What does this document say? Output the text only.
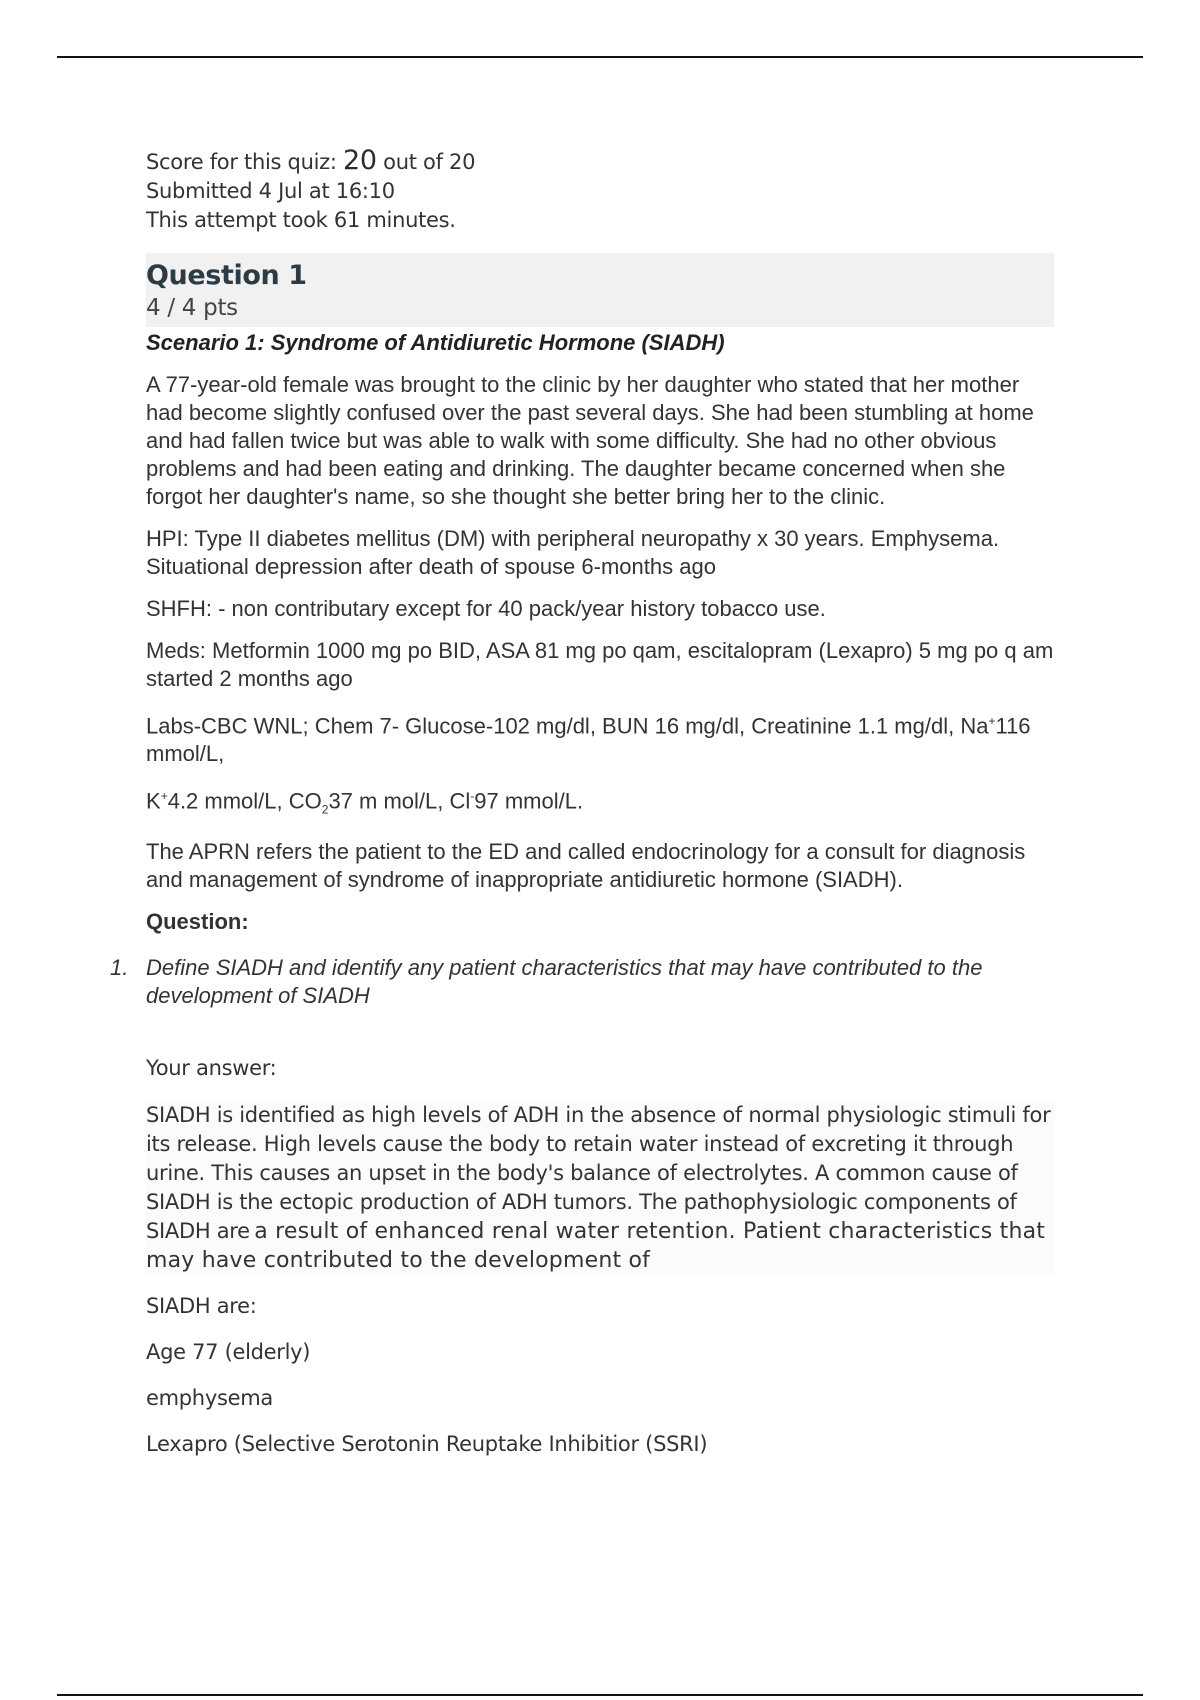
Score for this quiz: 20 out of 20
Submitted 4 Jul at 16:10
This attempt took 61 minutes.
Question 1
4 / 4 pts
Scenario 1: Syndrome of Antidiuretic Hormone (SIADH)

A 77-year-old female was brought to the clinic by her daughter who stated that her mother had become slightly confused over the past several days. She had been stumbling at home and had fallen twice but was able to walk with some difficulty. She had no other obvious problems and had been eating and drinking. The daughter became concerned when she forgot her daughter's name, so she thought she better bring her to the clinic.

HPI: Type II diabetes mellitus (DM) with peripheral neuropathy x 30 years. Emphysema. Situational depression after death of spouse 6-months ago

SHFH: - non contributary except for 40 pack/year history tobacco use.

Meds: Metformin 1000 mg po BID, ASA 81 mg po qam, escitalopram (Lexapro) 5 mg po q am started 2 months ago

Labs-CBC WNL; Chem 7- Glucose-102 mg/dl, BUN 16 mg/dl, Creatinine 1.1 mg/dl, Na+116 mmol/L,

K+4.2 mmol/L, $CO_237$ m mol/L, Cl-97 mmol/L.

The APRN refers the patient to the ED and called endocrinology for a consult for diagnosis and management of syndrome of inappropriate antidiuretic hormone (SIADH).

Question:
1. Define SIADH and identify any patient characteristics that may have contributed to the development of SIADH
Your answer:
SIADH is identified as high levels of ADH in the absence of normal physiologic stimuli for its release. High levels cause the body to retain water instead of excreting it through urine. This causes an upset in the body's balance of electrolytes. A common cause of SIADH is the ectopic production of ADH tumors. The pathophysiologic components of SIADH are a result of enhanced renal water retention. Patient characteristics that may have contributed to the development of
SIADH are:
Age 77 (elderly)
emphysema
Lexapro (Selective Serotonin Reuptake Inhibitior (SSRI)
